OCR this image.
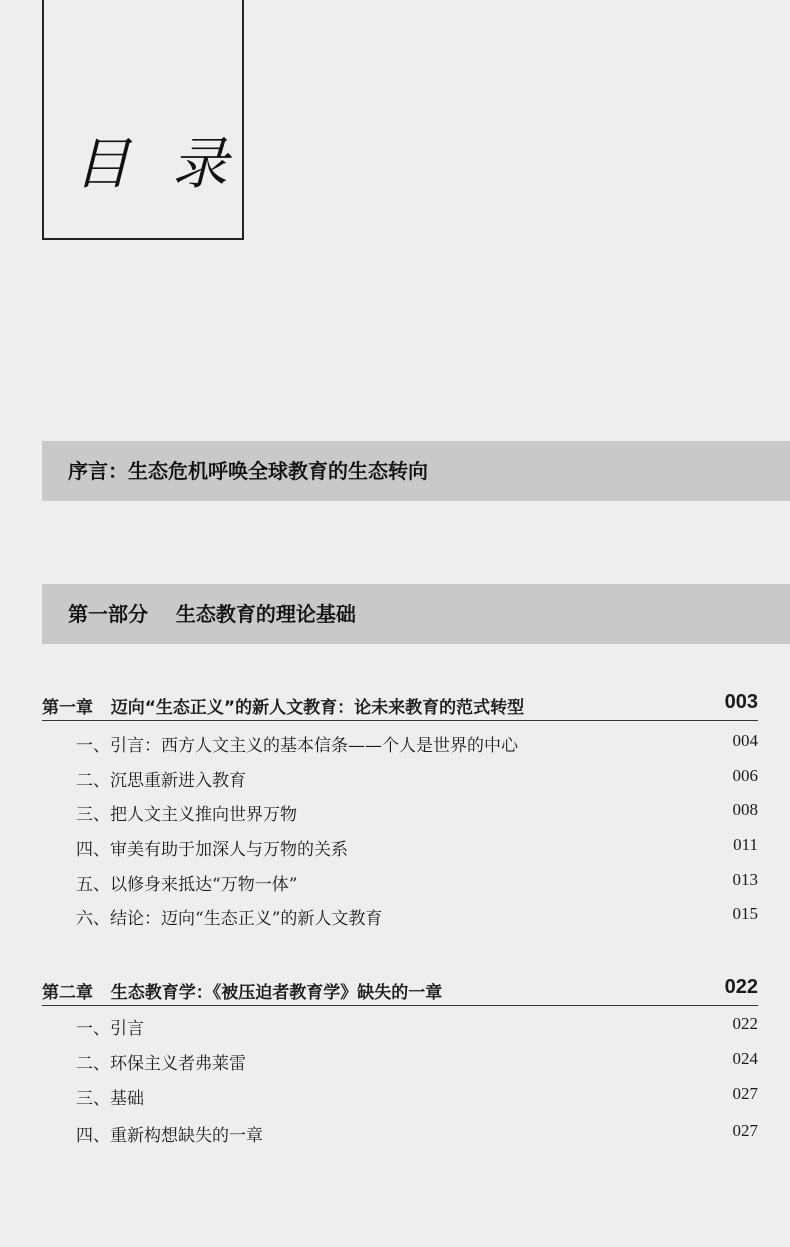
目 录
序言：生态危机呼唤全球教育的生态转向
第一部分    生态教育的理论基础
第一章   迈向“生态正义”的新人文教育：论未来教育的范式转型	003
一、引言：西方人文主义的基本信条——个人是世界的中心	004
二、沉思重新进入教育	006
三、把人文主义推向世界万物	008
四、审美有助于加深人与万物的关系	011
五、以修身来抵达“万物一体”	013
六、结论：迈向“生态正义”的新人文教育	015
第二章   生态教育学：《被压迫者教育学》缺失的一章	022
一、引言	022
二、环保主义者弗莱雷	024
三、基础	027
四、重新构想缺失的一章	027
